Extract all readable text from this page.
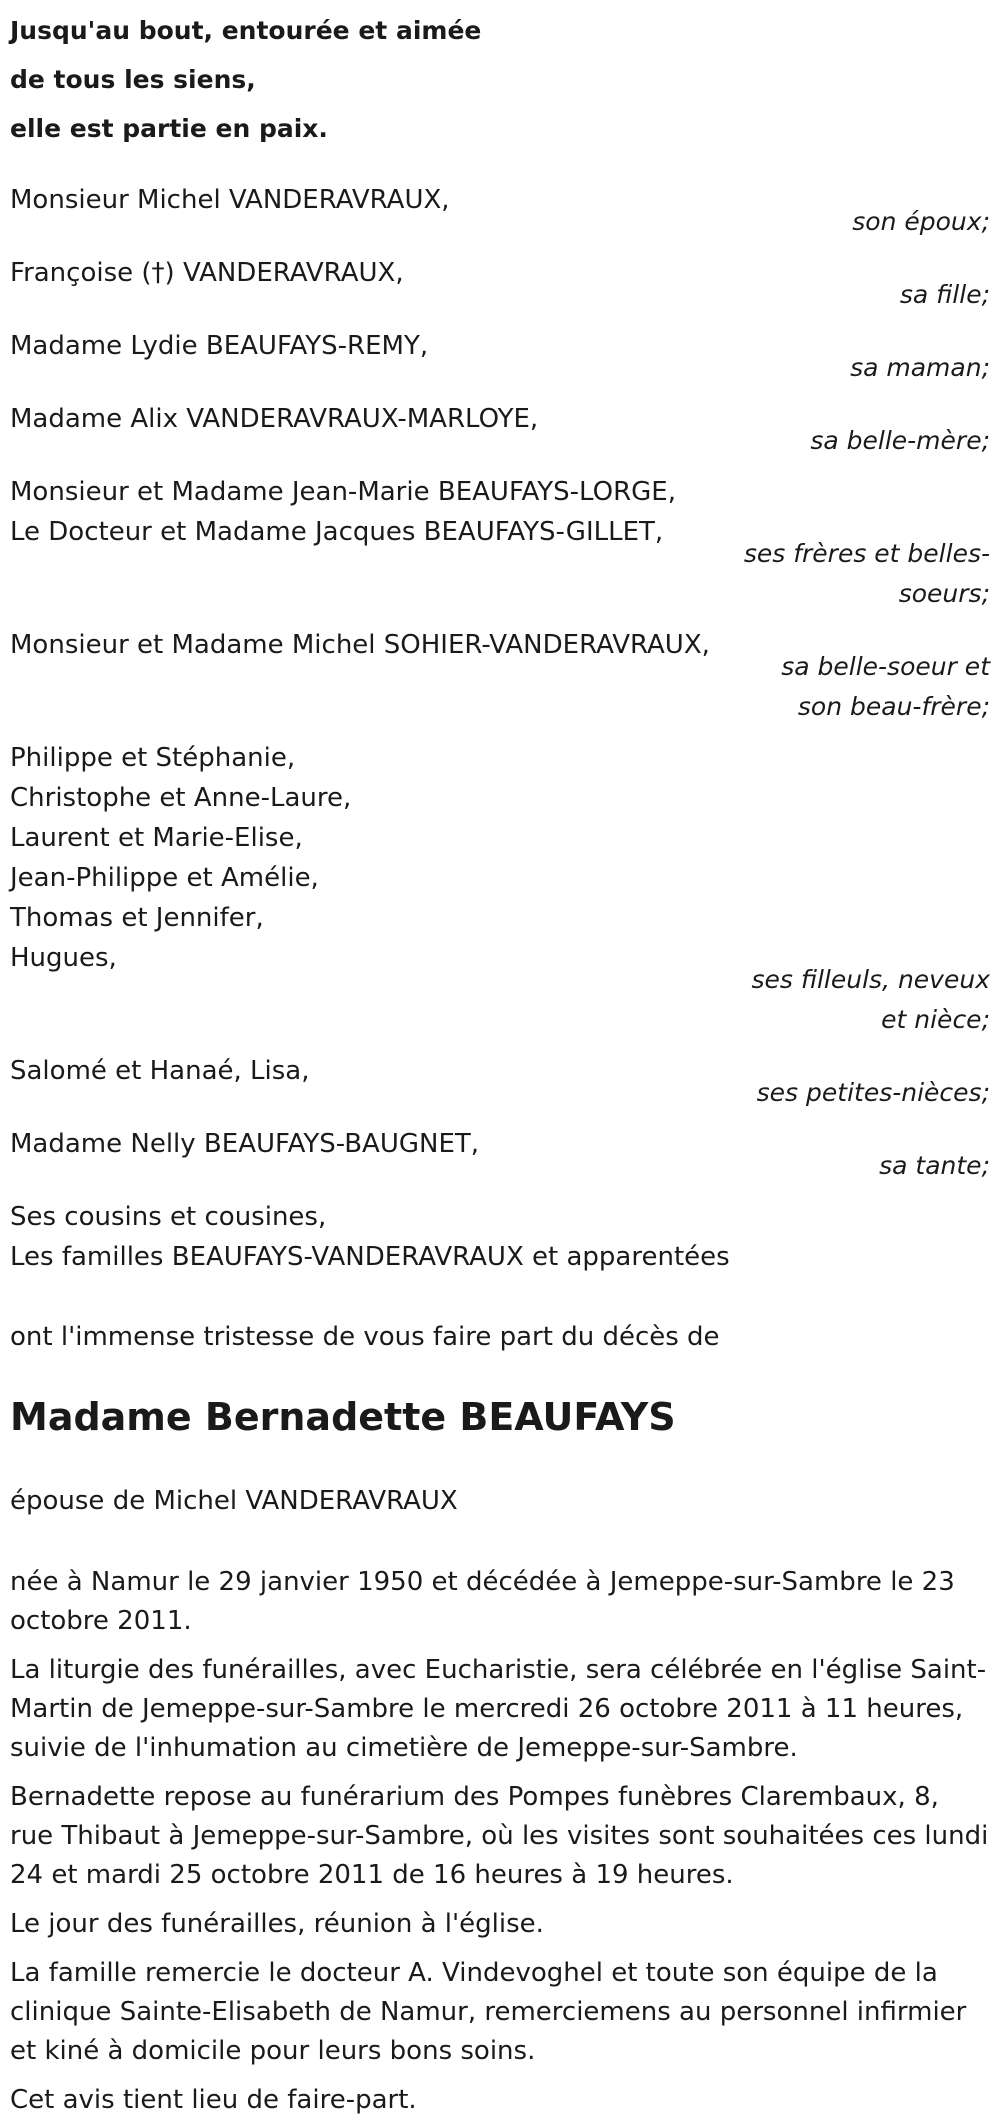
Jusqu'au bout, entourée et aimée
de tous les siens,
elle est partie en paix.
Monsieur Michel VANDERAVRAUX,
son époux;
Françoise (†) VANDERAVRAUX,
sa fille;
Madame Lydie BEAUFAYS-REMY,
sa maman;
Madame Alix VANDERAVRAUX-MARLOYE,
sa belle-mère;
Monsieur et Madame Jean-Marie BEAUFAYS-LORGE,
Le Docteur et Madame Jacques BEAUFAYS-GILLET,
ses frères et belles-soeurs;
Monsieur et Madame Michel SOHIER-VANDERAVRAUX,
sa belle-soeur et son beau-frère;
Philippe et Stéphanie,
Christophe et Anne-Laure,
Laurent et Marie-Elise,
Jean-Philippe et Amélie,
Thomas et Jennifer,
Hugues,
ses filleuls, neveux et nièce;
Salomé et Hanaé, Lisa,
ses petites-nièces;
Madame Nelly BEAUFAYS-BAUGNET,
sa tante;
Ses cousins et cousines,
Les familles BEAUFAYS-VANDERAVRAUX et apparentées
ont l'immense tristesse de vous faire part du décès de
Madame Bernadette BEAUFAYS
épouse de Michel VANDERAVRAUX
née à Namur le 29 janvier 1950 et décédée à Jemeppe-sur-Sambre le 23 octobre 2011.
La liturgie des funérailles, avec Eucharistie, sera célébrée en l'église Saint-Martin de Jemeppe-sur-Sambre le mercredi 26 octobre 2011 à 11 heures, suivie de l'inhumation au cimetière de Jemeppe-sur-Sambre.
Bernadette repose au funérarium des Pompes funèbres Clarembaux, 8, rue Thibaut à Jemeppe-sur-Sambre, où les visites sont souhaitées ces lundi 24 et mardi 25 octobre 2011 de 16 heures à 19 heures.
Le jour des funérailles, réunion à l'église.
La famille remercie le docteur A. Vindevoghel et toute son équipe de la clinique Sainte-Elisabeth de Namur, remerciemens au personnel infirmier et kiné à domicile pour leurs bons soins.
Cet avis tient lieu de faire-part.
